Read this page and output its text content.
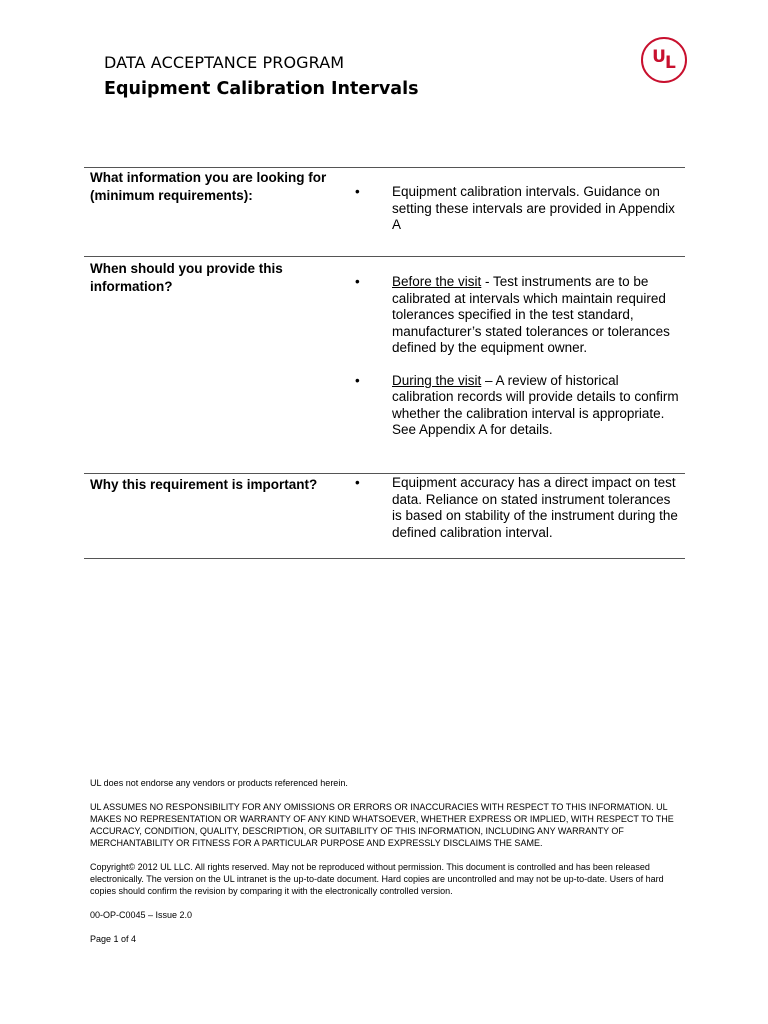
DATA ACCEPTANCE PROGRAM
Equipment Calibration Intervals
U L
What information you are looking for (minimum requirements):	•	Equipment calibration intervals. Guidance on setting these intervals are provided in Appendix A
When should you provide this information?	•	Before the visit - Test instruments are to be calibrated at intervals which maintain required tolerances specified in the test standard, manufacturer’s stated tolerances or tolerances defined by the equipment owner.
•	During the visit – A review of historical calibration records will provide details to confirm whether the calibration interval is appropriate. See Appendix A for details.
Why this requirement is important?	•	Equipment accuracy has a direct impact on test data. Reliance on stated instrument tolerances is based on stability of the instrument during the defined calibration interval.

UL does not endorse any vendors or products referenced herein.

UL ASSUMES NO RESPONSIBILITY FOR ANY OMISSIONS OR ERRORS OR INACCURACIES WITH RESPECT TO THIS INFORMATION. UL MAKES NO REPRESENTATION OR WARRANTY OF ANY KIND WHATSOEVER, WHETHER EXPRESS OR IMPLIED, WITH RESPECT TO THE ACCURACY, CONDITION, QUALITY, DESCRIPTION, OR SUITABILITY OF THIS INFORMATION, INCLUDING ANY WARRANTY OF MERCHANTABILITY OR FITNESS FOR A PARTICULAR PURPOSE AND EXPRESSLY DISCLAIMS THE SAME.

Copyright© 2012 UL LLC. All rights reserved. May not be reproduced without permission. This document is controlled and has been released electronically. The version on the UL intranet is the up-to-date document. Hard copies are uncontrolled and may not be up-to-date. Users of hard copies should confirm the revision by comparing it with the electronically controlled version.

00-OP-C0045 – Issue 2.0

Page 1 of 4
